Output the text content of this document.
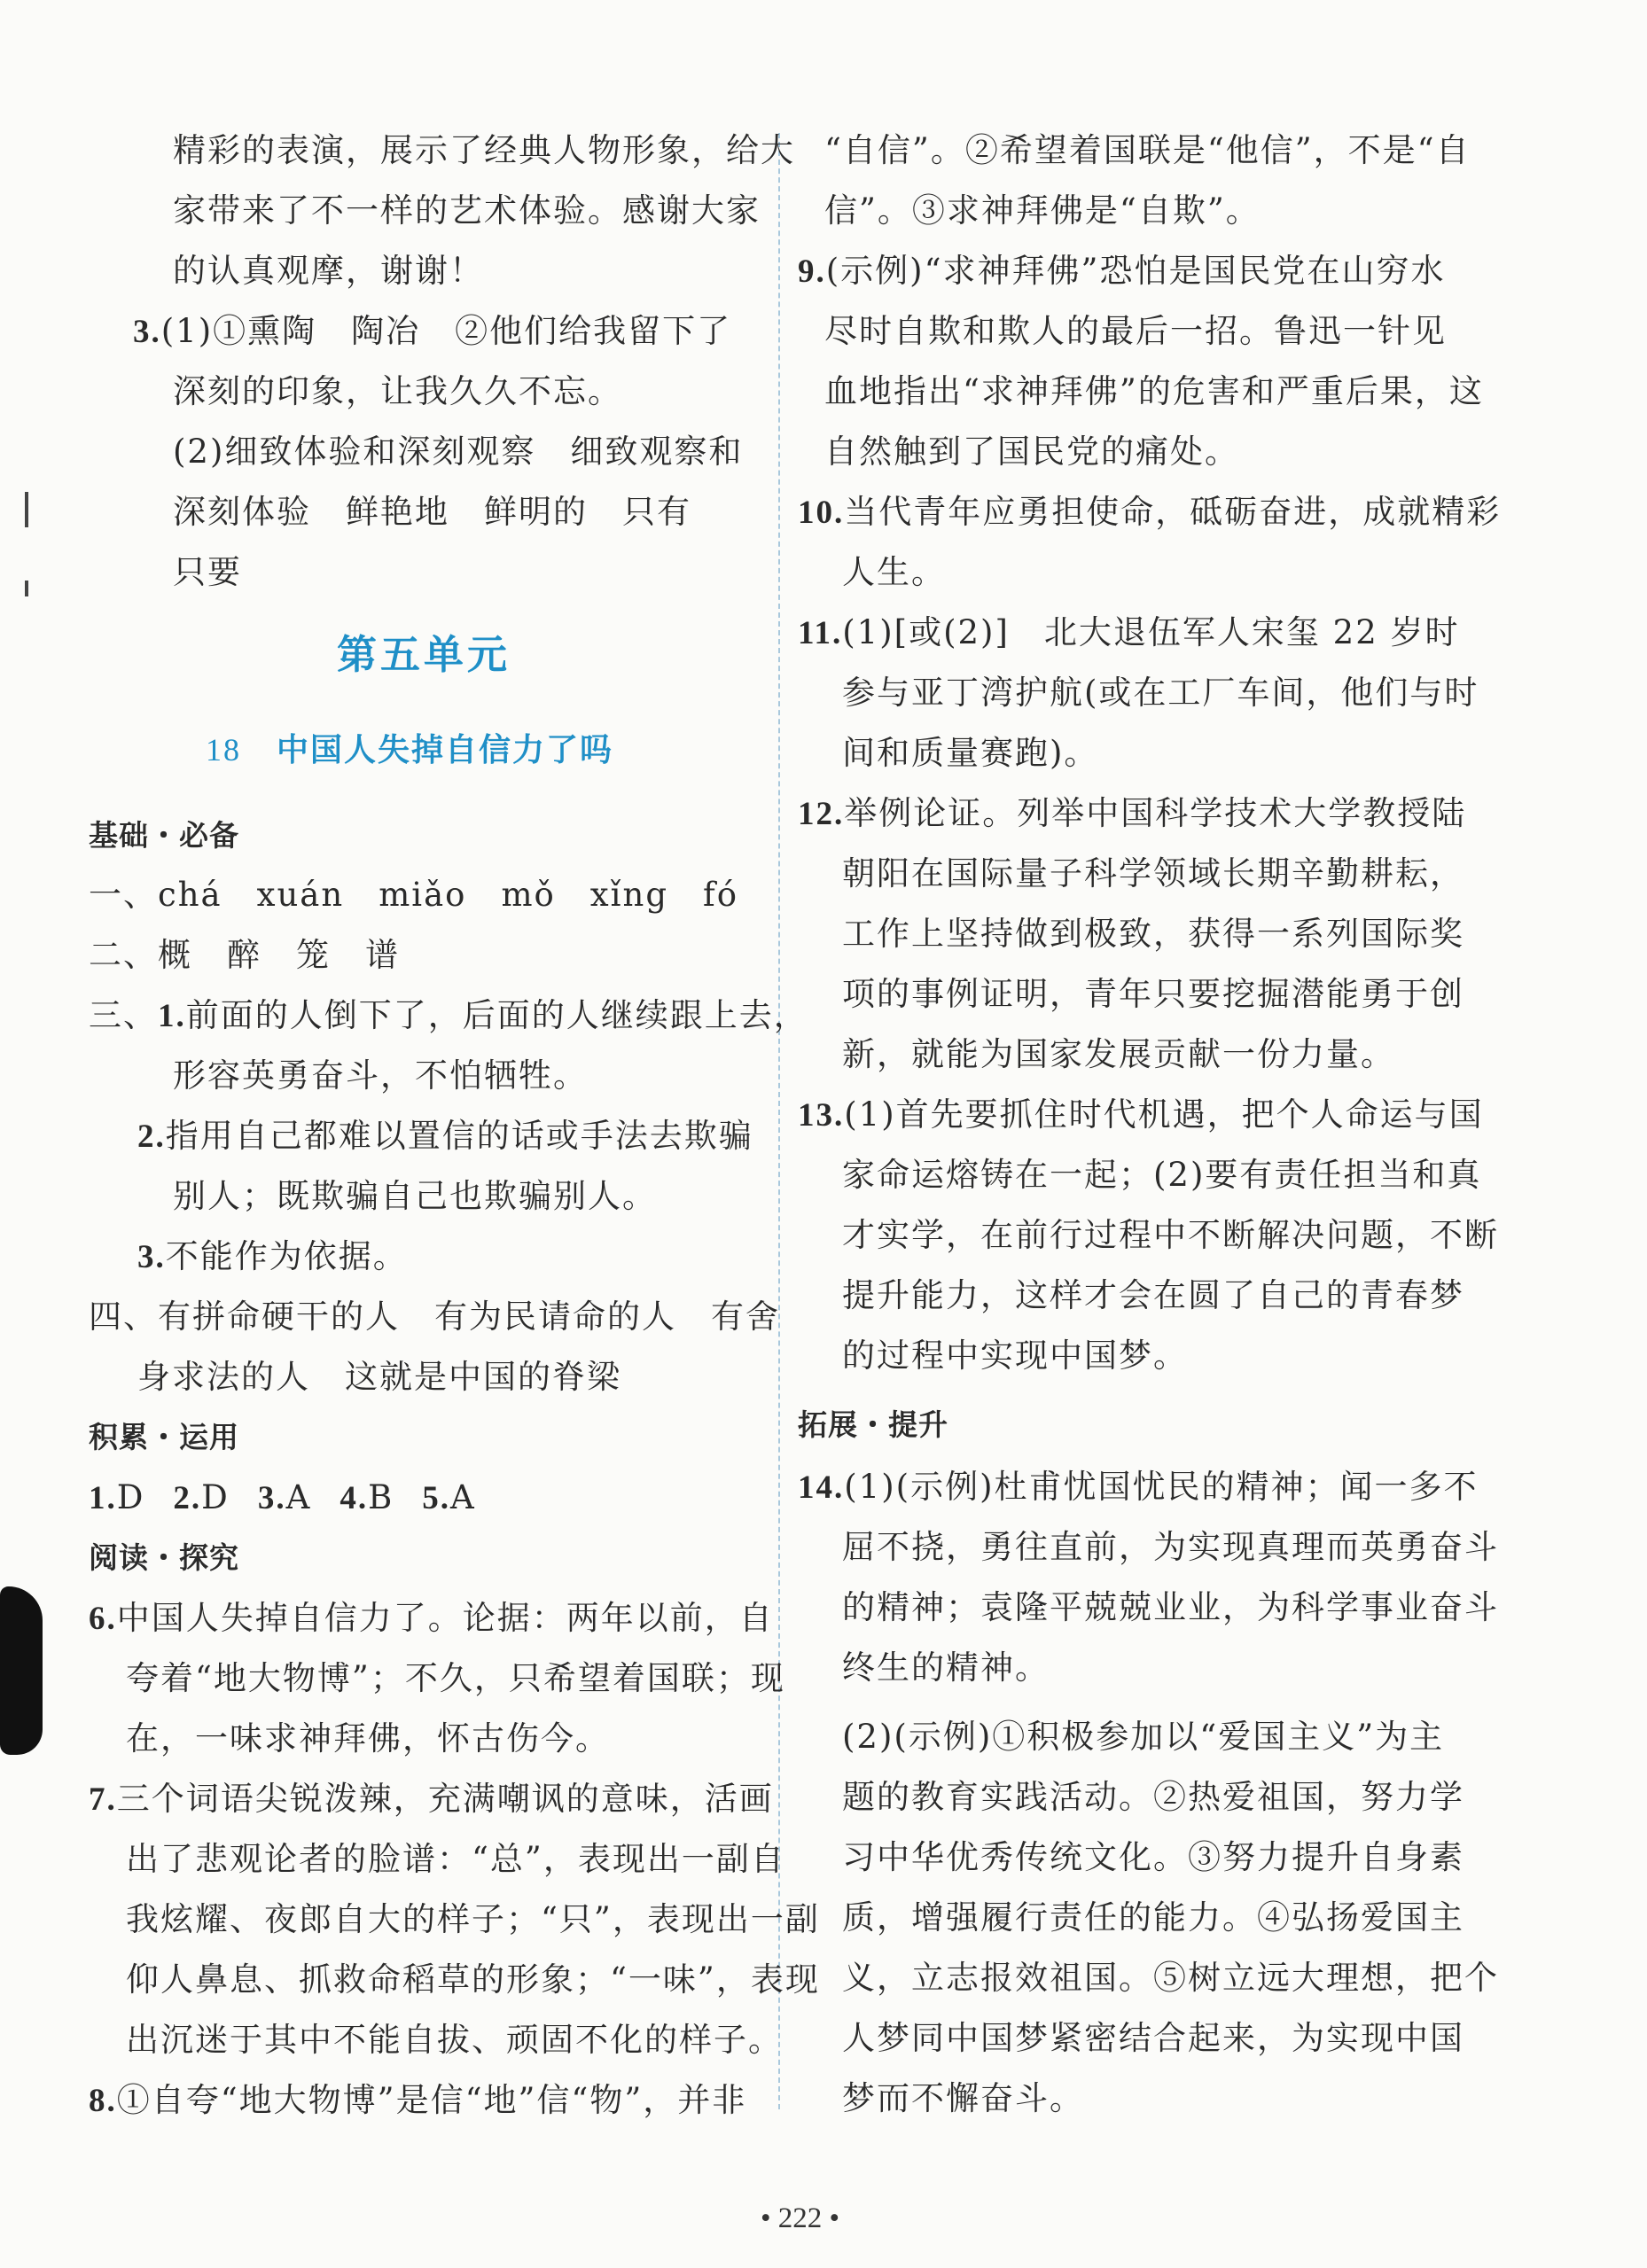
精彩的表演，展示了经典人物形象，给大
家带来了不一样的艺术体验。感谢大家
的认真观摩，谢谢！
3.(1)①熏陶　陶冶　②他们给我留下了
深刻的印象，让我久久不忘。
(2)细致体验和深刻观察　细致观察和
深刻体验　鲜艳地　鲜明的　只有
只要
基础・必备
一、chá　xuán　miǎo　mǒ　xǐng　fó
二、概　醉　笼　谱
三、1.前面的人倒下了，后面的人继续跟上去，
形容英勇奋斗，不怕牺牲。
2.指用自己都难以置信的话或手法去欺骗
别人；既欺骗自己也欺骗别人。
3.不能作为依据。
四、有拼命硬干的人　有为民请命的人　有舍
身求法的人　这就是中国的脊梁
积累・运用
1.D 2.D 3.A 4.B 5.A
阅读・探究
6.中国人失掉自信力了。论据：两年以前，自
夸着“地大物博”；不久，只希望着国联；现
在，一味求神拜佛，怀古伤今。
7.三个词语尖锐泼辣，充满嘲讽的意味，活画
出了悲观论者的脸谱：“总”，表现出一副自
我炫耀、夜郎自大的样子；“只”，表现出一副
仰人鼻息、抓救命稻草的形象；“一味”，表现
出沉迷于其中不能自拔、顽固不化的样子。
8.①自夸“地大物博”是信“地”信“物”，并非
第五单元
18 中国人失掉自信力了吗
“自信”。②希望着国联是“他信”，不是“自
信”。③求神拜佛是“自欺”。
9.(示例)“求神拜佛”恐怕是国民党在山穷水
尽时自欺和欺人的最后一招。鲁迅一针见
血地指出“求神拜佛”的危害和严重后果，这
自然触到了国民党的痛处。
10.当代青年应勇担使命，砥砺奋进，成就精彩
人生。
11.(1)[或(2)]　北大退伍军人宋玺 22 岁时
参与亚丁湾护航(或在工厂车间，他们与时
间和质量赛跑)。
12.举例论证。列举中国科学技术大学教授陆
朝阳在国际量子科学领域长期辛勤耕耘，
工作上坚持做到极致，获得一系列国际奖
项的事例证明，青年只要挖掘潜能勇于创
新，就能为国家发展贡献一份力量。
13.(1)首先要抓住时代机遇，把个人命运与国
家命运熔铸在一起；(2)要有责任担当和真
才实学，在前行过程中不断解决问题，不断
提升能力，这样才会在圆了自己的青春梦
的过程中实现中国梦。
拓展・提升
14.(1)(示例)杜甫忧国忧民的精神；闻一多不
屈不挠，勇往直前，为实现真理而英勇奋斗
的精神；袁隆平兢兢业业，为科学事业奋斗
终生的精神。
(2)(示例)①积极参加以“爱国主义”为主
题的教育实践活动。②热爱祖国，努力学
习中华优秀传统文化。③努力提升自身素
质，增强履行责任的能力。④弘扬爱国主
义，立志报效祖国。⑤树立远大理想，把个
人梦同中国梦紧密结合起来，为实现中国
梦而不懈奋斗。
• 222 •
